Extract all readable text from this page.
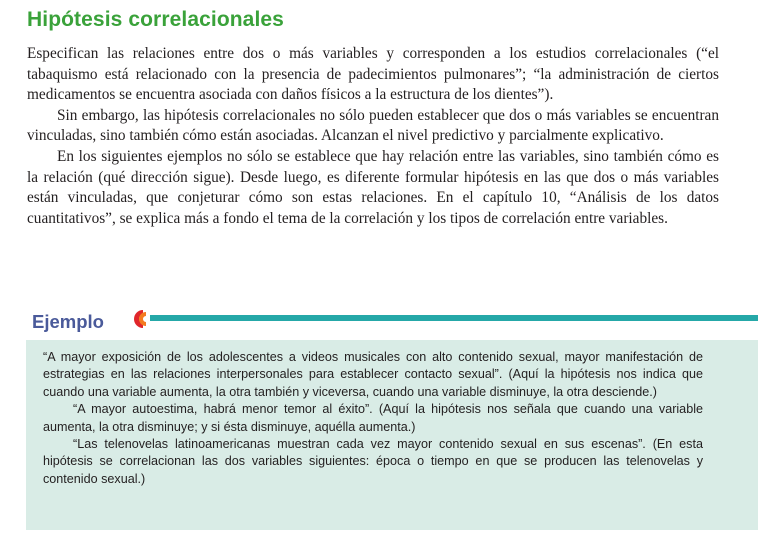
Hipótesis correlacionales

Especifican las relaciones entre dos o más variables y corresponden a los estudios correlacionales (“el tabaquismo está relacionado con la presencia de padecimientos pulmonares”; “la administración de ciertos medicamentos se encuentra asociada con daños físicos a la estructura de los dientes”).

Sin embargo, las hipótesis correlacionales no sólo pueden establecer que dos o más variables se encuentran vinculadas, sino también cómo están asociadas. Alcanzan el nivel predictivo y parcialmente explicativo.

En los siguientes ejemplos no sólo se establece que hay relación entre las variables, sino también cómo es la relación (qué dirección sigue). Desde luego, es diferente formular hipótesis en las que dos o más variables están vinculadas, que conjeturar cómo son estas relaciones. En el capítulo 10, “Análisis de los datos cuantitativos”, se explica más a fondo el tema de la correlación y los tipos de correlación entre variables.

Ejemplo

“A mayor exposición de los adolescentes a videos musicales con alto contenido sexual, mayor manifestación de estrategias en las relaciones interpersonales para establecer contacto sexual”. (Aquí la hipótesis nos indica que cuando una variable aumenta, la otra también y viceversa, cuando una variable disminuye, la otra desciende.)

“A mayor autoestima, habrá menor temor al éxito”. (Aquí la hipótesis nos señala que cuando una variable aumenta, la otra disminuye; y si ésta disminuye, aquélla aumenta.)

“Las telenovelas latinoamericanas muestran cada vez mayor contenido sexual en sus escenas”. (En esta hipótesis se correlacionan las dos variables siguientes: época o tiempo en que se producen las telenovelas y contenido sexual.)
